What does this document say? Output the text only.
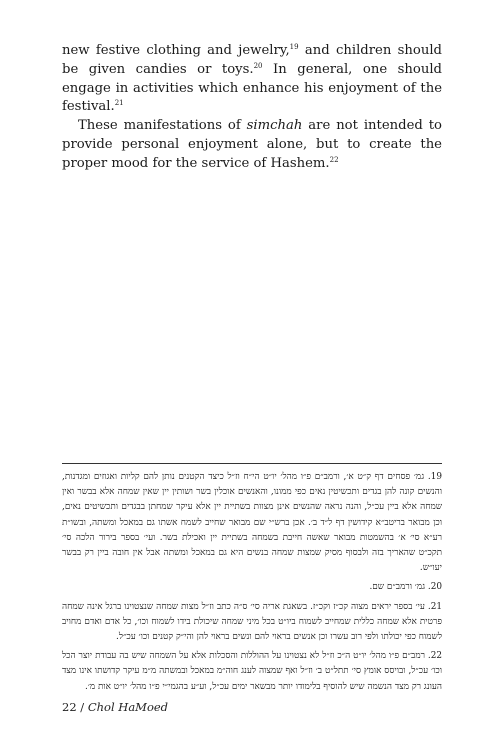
new festive clothing and jewelry,$^{19}$ and children should be given candies or toys.$^{20}$ In general, one should engage in activities which enhance his enjoyment of the festival.$^{21}$

These manifestations of simchah are not intended to provide personal enjoyment alone, but to create the proper mood for the service of Hashem.$^{22}$

19. גמ׳ פסחים דף ק״ט א׳, ורמב״ם פ״ו מהל׳ יו״ט הי״ח וז״ל כיצד הקטנים נותן להם קליות ואגוזים ומגדנות, והנשים קונה להן בגדים ותכשיטין נאים כפי ממונו, והאנשים אוכלין בשר ושותין יין שאין שמחה אלא בבשר ואין שמחה אלא ביין עכ״ל, והנה נראה שהנשים אינן מצוות בשתיית יין אלא עיקר שמחתן בבגדים ותכשיטים נאים, וכן מבואר בריטב״א קידושין דף ל״ד ב׳. אכן ברש״י שם מבואר שחייב לשמח אשתו גם במאכל ומשתה, ובשו״ת רע״א סי׳ א׳ בהשמטות מבואר שאשה חייבת בשמחה בשתיית יין ואכילת בשר. ועי׳ בספר בירור הלכה סי׳ תקכ״ט שהאריך בזה ולבסוף מסיק שמצות שמחה בנשים היא גם במאכל ומשתה אבל אין חובה ביין רק בבשר יעו״ש.

20. גמ׳ ורמב״ם שם.

21. עי׳ בספר יראים מצוה קכ״ז וקכ״ז. בשאגת אריה סי׳ ס״ה כתב וז״ל מצות שמחה שנצטוינו ברגל אינה שמחה פרטית אלא שמחה כללית שמחייב לשמוח ביו״ט בכל מיני שמחה שיכולת בידו לשמוח וכו׳, כל אדם ואדם מחויב לשמוח כפי יכולתו ולפי רוב עשרו וכן אנשים בראוי להם ונשים בראוי להן והי״ק קטנים וכו׳ עכ״ל.

22. רמב״ם פ״ו מהל׳ יו״ט ה״כ וז״ל לא נצטוינו על ההוללות והסכלות אלא על השמחה שיש בה עבודת יוצר הכל וכו׳ עכ״ל, ובויסס אומץ סי׳ תתל״ט ב׳ וז״ל ואף שמצוה לענג חוה״מ במאכל ובמשתה מ״מ עיקר קדושתו אינו מצד העונג רק מצד הנשמה שיש להוסיף בלימודו יותר מבשאר ימים עכ״ל, וע״ע בהגמי״י פ״ו מהל׳ יו״ט אות מ׳.

22 / Chol HaMoed
